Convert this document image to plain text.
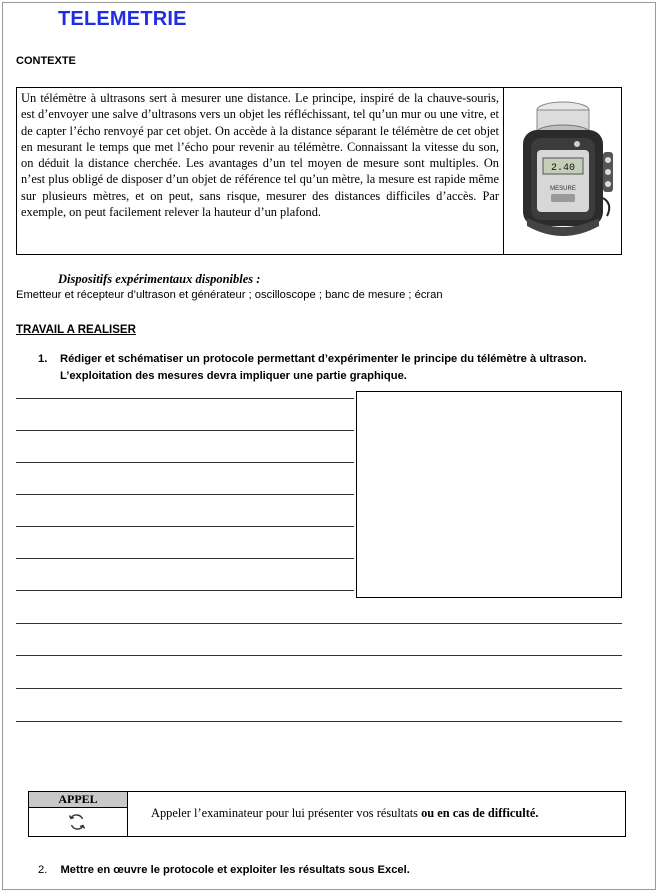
TELEMETRIE
CONTEXTE
Un télémètre à ultrasons sert à mesurer une distance. Le principe, inspiré de la chauve-souris, est d’envoyer une salve d’ultrasons vers un objet les réfléchissant, tel qu’un mur ou une vitre, et de capter l’écho renvoyé par cet objet. On accède à la distance séparant le télémètre de cet objet en mesurant le temps que met l’écho pour revenir au télémètre. Connaissant la vitesse du son, on déduit la distance cherchée. Les avantages d’un tel moyen de mesure sont multiples. On n’est plus obligé de disposer d’un objet de référence tel qu’un mètre, la mesure est rapide même sur plusieurs mètres, et on peut, sans risque, mesurer des distances difficiles d’accès. Par exemple, on peut facilement relever la hauteur d’un plafond.
2.40
MESURE
Dispositifs expérimentaux disponibles :
Emetteur et récepteur d’ultrason et générateur ; oscilloscope ; banc de mesure ; écran
TRAVAIL A REALISER
1. Rédiger et schématiser un protocole permettant d’expérimenter le principe du télémètre à ultrason. L’exploitation des mesures devra impliquer une partie graphique.
APPEL
Appeler l’examinateur pour lui présenter vos résultats ou en cas de difficulté.
2. Mettre en œuvre le protocole et exploiter les résultats sous Excel.
